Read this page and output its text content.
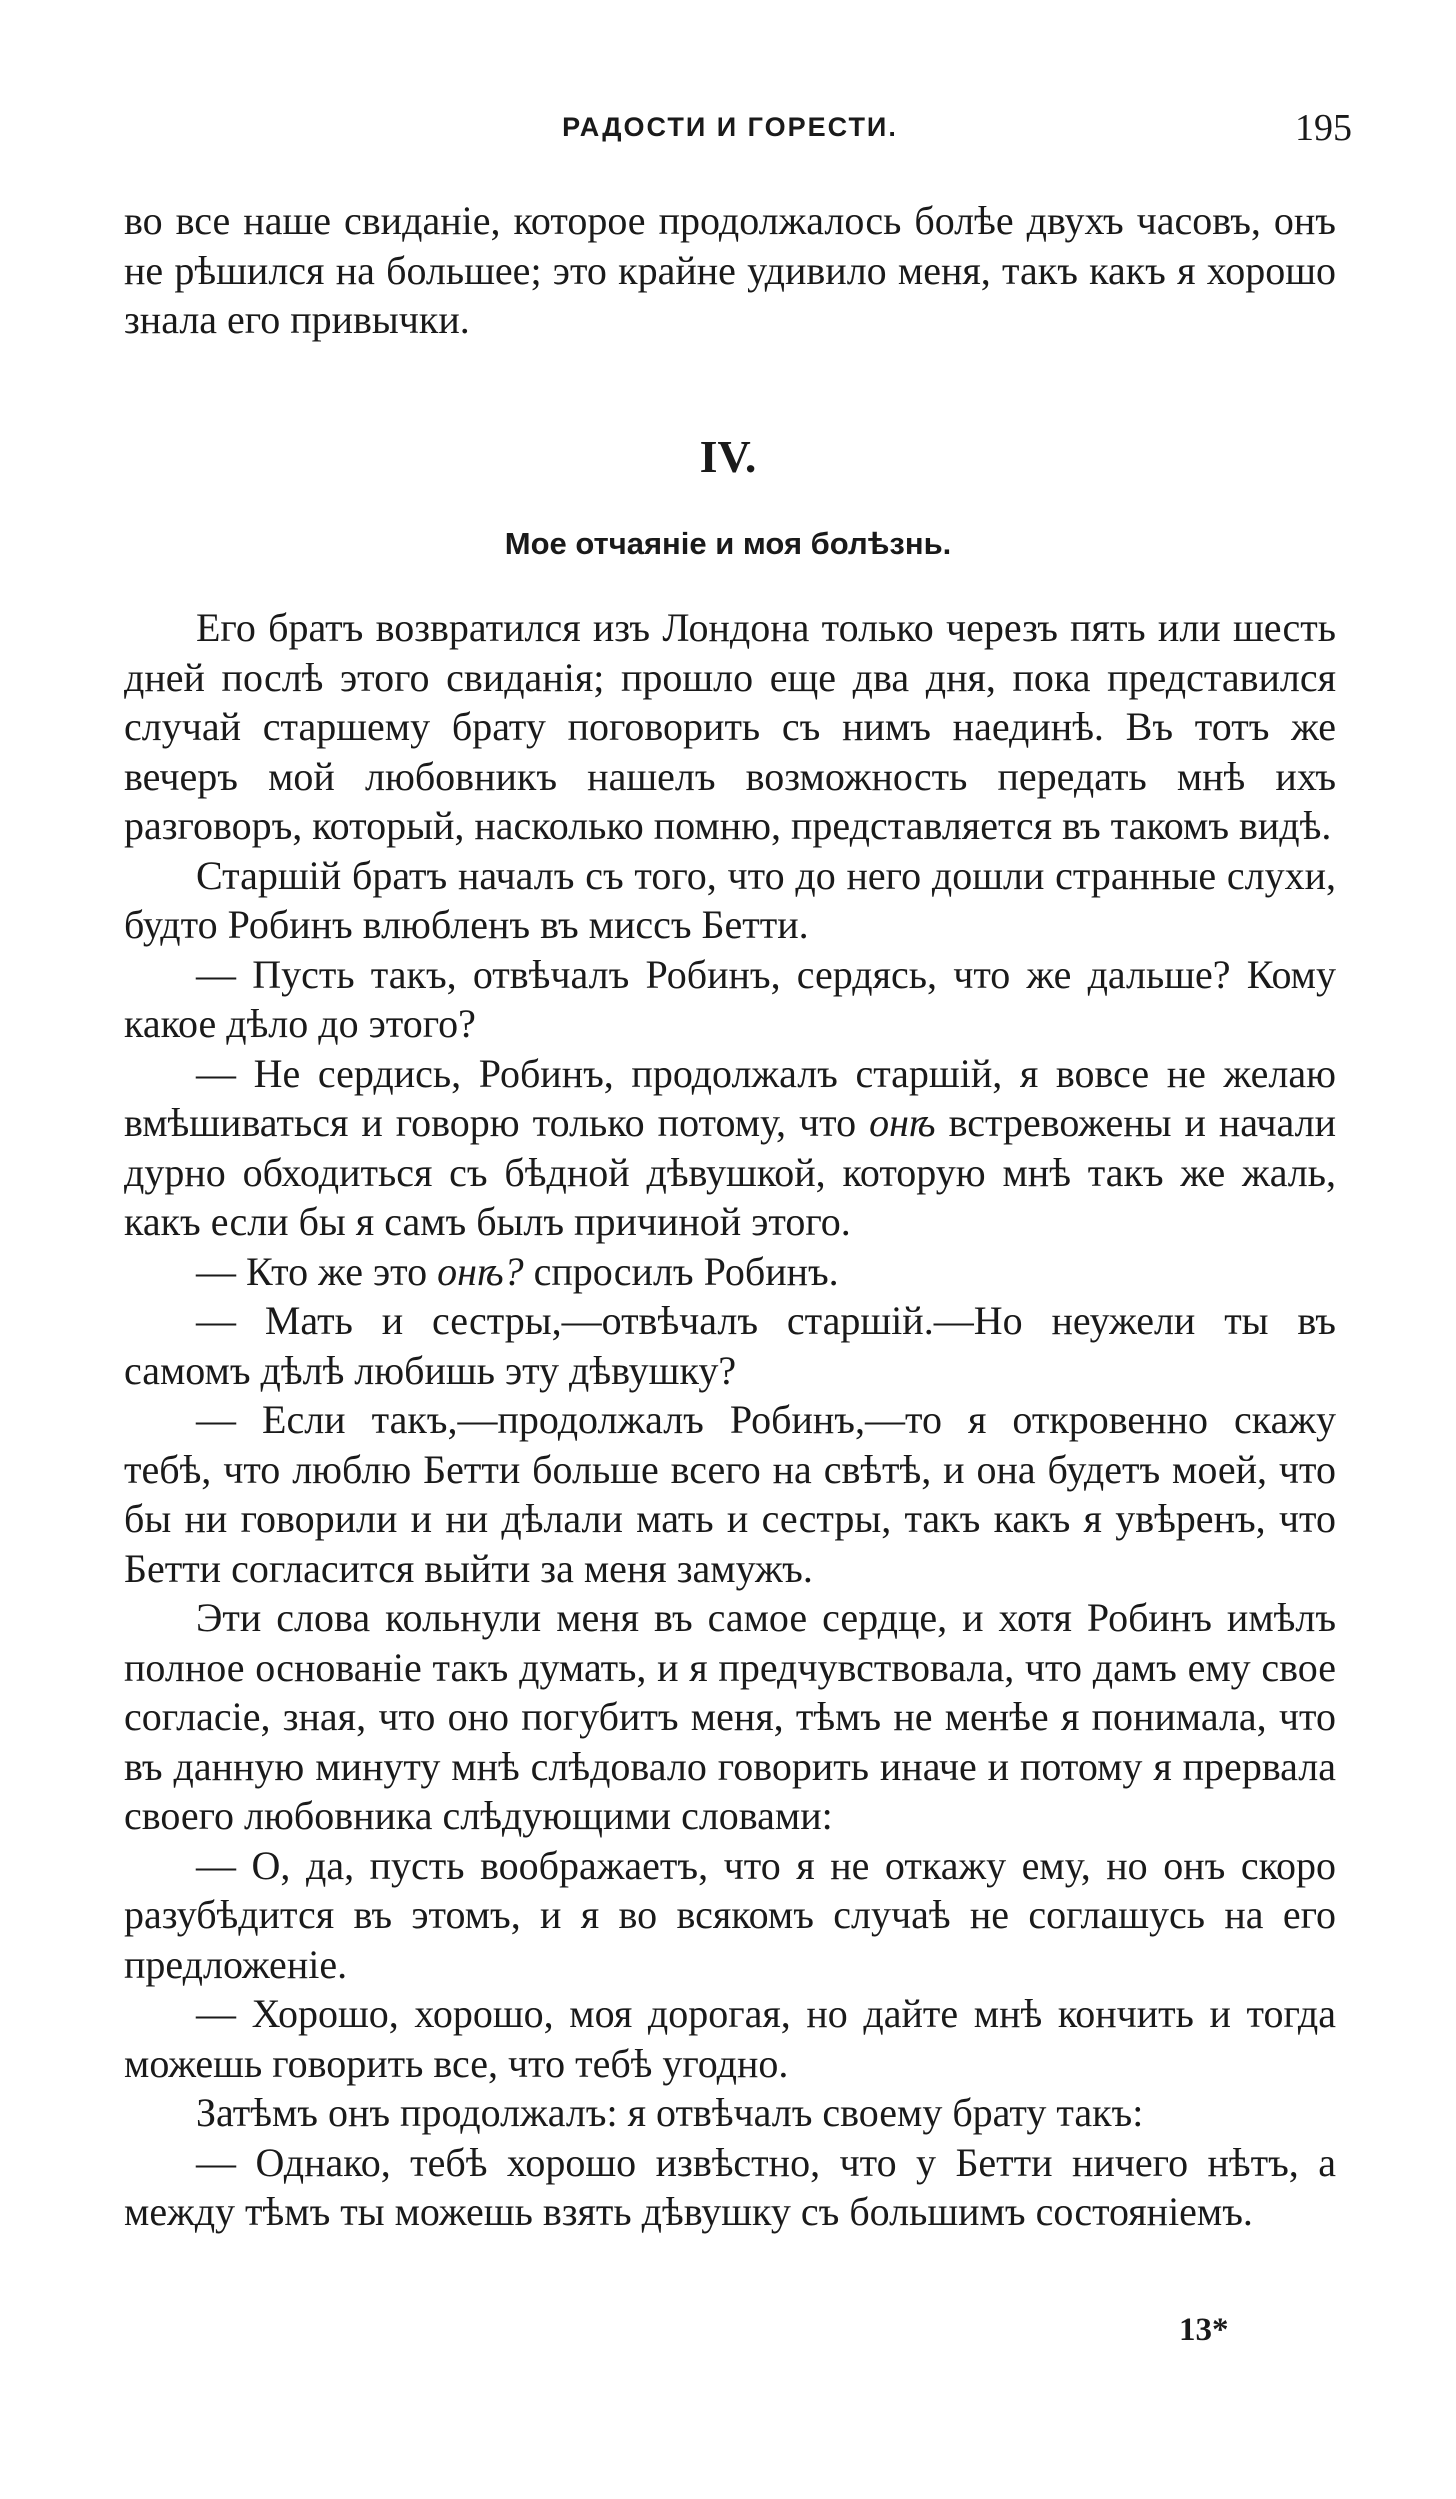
РАДОСТИ И ГОРЕСТИ.	195

во все наше свиданіе, которое продолжалось болѣе двухъ часовъ, онъ не рѣшился на большее; это крайне удивило меня, такъ какъ я хорошо знала его привычки.

IV.
Мое отчаяніе и моя болѣзнь.

Его братъ возвратился изъ Лондона только черезъ пять или шесть дней послѣ этого свиданія; прошло еще два дня, пока представился случай старшему брату поговорить съ нимъ наединѣ. Въ тотъ же вечеръ мой любовникъ нашелъ возможность передать мнѣ ихъ разговоръ, который, насколько помню, представляется въ такомъ видѣ.

Старшій братъ началъ съ того, что до него дошли странные слухи, будто Робинъ влюбленъ въ миссъ Бетти.

— Пусть такъ, отвѣчалъ Робинъ, сердясь, что же дальше? Кому какое дѣло до этого?

— Не сердись, Робинъ, продолжалъ старшій, я вовсе не желаю вмѣшиваться и говорю только потому, что онѣ встревожены и начали дурно обходиться съ бѣдной дѣвушкой, которую мнѣ такъ же жаль, какъ если бы я самъ былъ причиной этого.

— Кто же это онѣ? спросилъ Робинъ.

— Мать и сестры,—отвѣчалъ старшій.—Но неужели ты въ самомъ дѣлѣ любишь эту дѣвушку?

— Если такъ,—продолжалъ Робинъ,—то я откровенно скажу тебѣ, что люблю Бетти больше всего на свѣтѣ, и она будетъ моей, что бы ни говорили и ни дѣлали мать и сестры, такъ какъ я увѣренъ, что Бетти согласится выйти за меня замужъ.

Эти слова кольнули меня въ самое сердце, и хотя Робинъ имѣлъ полное основаніе такъ думать, и я предчувствовала, что дамъ ему свое согласіе, зная, что оно погубитъ меня, тѣмъ не менѣе я понимала, что въ данную минуту мнѣ слѣдовало говорить иначе и потому я прервала своего любовника слѣдующими словами:

— О, да, пусть воображаетъ, что я не откажу ему, но онъ скоро разубѣдится въ этомъ, и я во всякомъ случаѣ не соглашусь на его предложеніе.

— Хорошо, хорошо, моя дорогая, но дайте мнѣ кончить и тогда можешь говорить все, что тебѣ угодно.

Затѣмъ онъ продолжалъ: я отвѣчалъ своему брату такъ:

— Однако, тебѣ хорошо извѣстно, что у Бетти ничего нѣтъ, а между тѣмъ ты можешь взять дѣвушку съ большимъ состояніемъ.

13*
